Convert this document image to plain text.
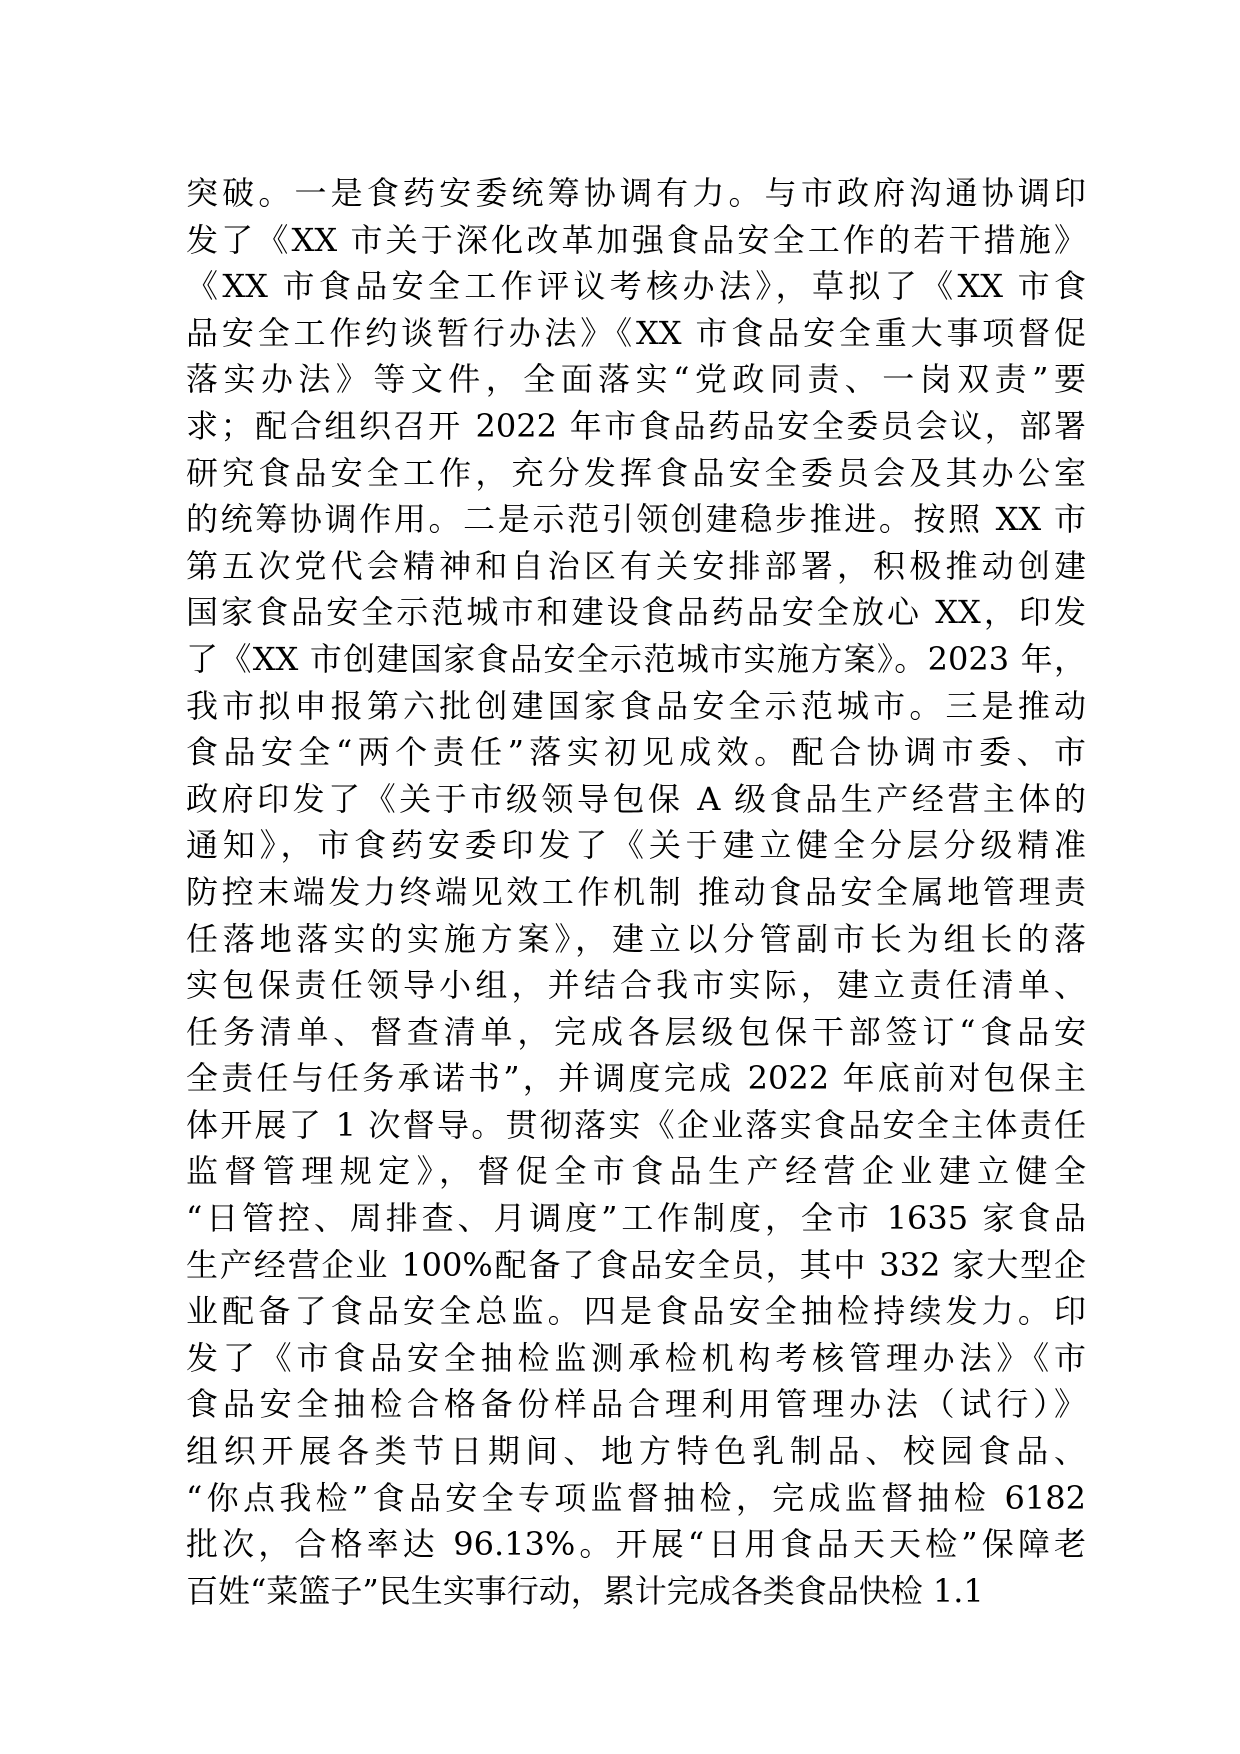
突破。一是食药安委统筹协调有力。与市政府沟通协调印
发了《XX 市关于深化改革加强食品安全工作的若干措施》
《XX 市食品安全工作评议考核办法》，草拟了《XX 市食
品安全工作约谈暂行办法》《XX 市食品安全重大事项督促
落实办法》等文件，全面落实“党政同责、一岗双责”要
求；配合组织召开 2022 年市食品药品安全委员会议，部署
研究食品安全工作，充分发挥食品安全委员会及其办公室
的统筹协调作用。二是示范引领创建稳步推进。按照 XX 市
第五次党代会精神和自治区有关安排部署，积极推动创建
国家食品安全示范城市和建设食品药品安全放心 XX，印发
了《XX 市创建国家食品安全示范城市实施方案》。2023 年，
我市拟申报第六批创建国家食品安全示范城市。三是推动
食品安全“两个责任”落实初见成效。配合协调市委、市
政府印发了《关于市级领导包保 A 级食品生产经营主体的
通知》，市食药安委印发了《关于建立健全分层分级精准
防控末端发力终端见效工作机制 推动食品安全属地管理责
任落地落实的实施方案》，建立以分管副市长为组长的落
实包保责任领导小组，并结合我市实际，建立责任清单、
任务清单、督查清单，完成各层级包保干部签订“食品安
全责任与任务承诺书”，并调度完成 2022 年底前对包保主
体开展了 1 次督导。贯彻落实《企业落实食品安全主体责任
监督管理规定》，督促全市食品生产经营企业建立健全
“日管控、周排查、月调度”工作制度，全市 1635 家食品
生产经营企业 100%配备了食品安全员，其中 332 家大型企
业配备了食品安全总监。四是食品安全抽检持续发力。印
发了《市食品安全抽检监测承检机构考核管理办法》《市
食品安全抽检合格备份样品合理利用管理办法（试行）》
组织开展各类节日期间、地方特色乳制品、校园食品、
“你点我检”食品安全专项监督抽检，完成监督抽检 6182
批次，合格率达 96.13%。开展“日用食品天天检”保障老
百姓“菜篮子”民生实事行动，累计完成各类食品快检 1.1
